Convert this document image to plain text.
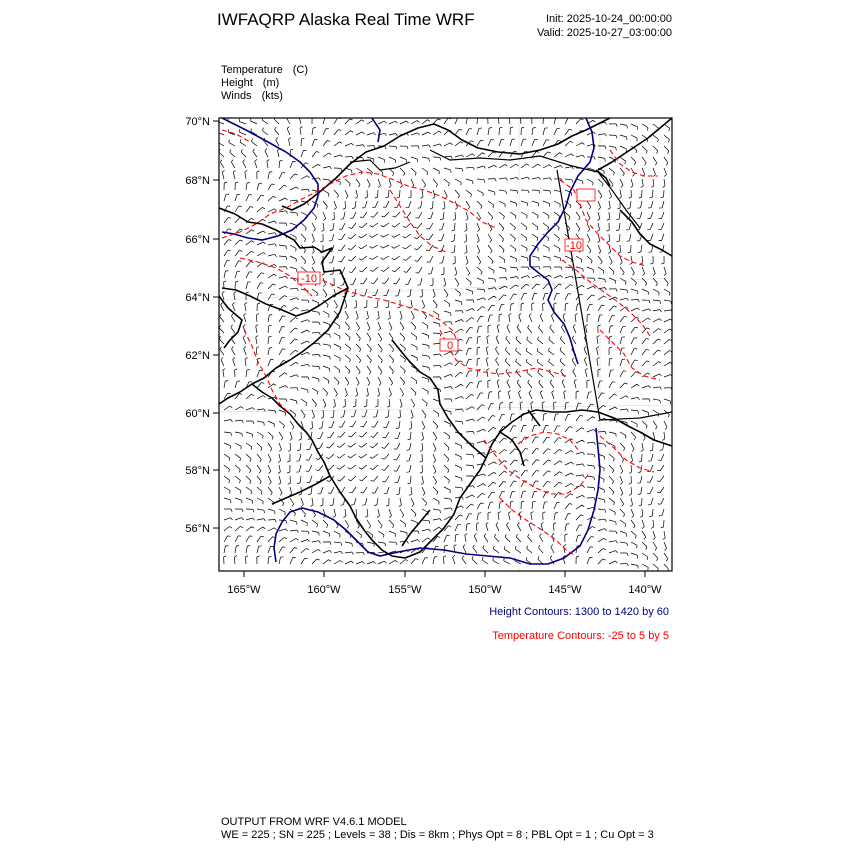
IWFAQRP Alaska Real Time WRF	Init: 2025-10-24_00:00:00
Valid: 2025-10-27_03:00:00
Temperature (C)
Height (m)
Winds (kts)
0
-10
-10
70°N
68°N
66°N
64°N
62°N
60°N
58°N
56°N
165°W	160°W	155°W	150°W	145°W	140°W
Height Contours: 1300 to 1420 by 60
Temperature Contours: -25 to 5 by 5
OUTPUT FROM WRF V4.6.1 MODEL
WE = 225 ; SN = 225 ; Levels = 38 ; Dis = 8km ; Phys Opt = 8 ; PBL Opt = 1 ; Cu Opt = 3
